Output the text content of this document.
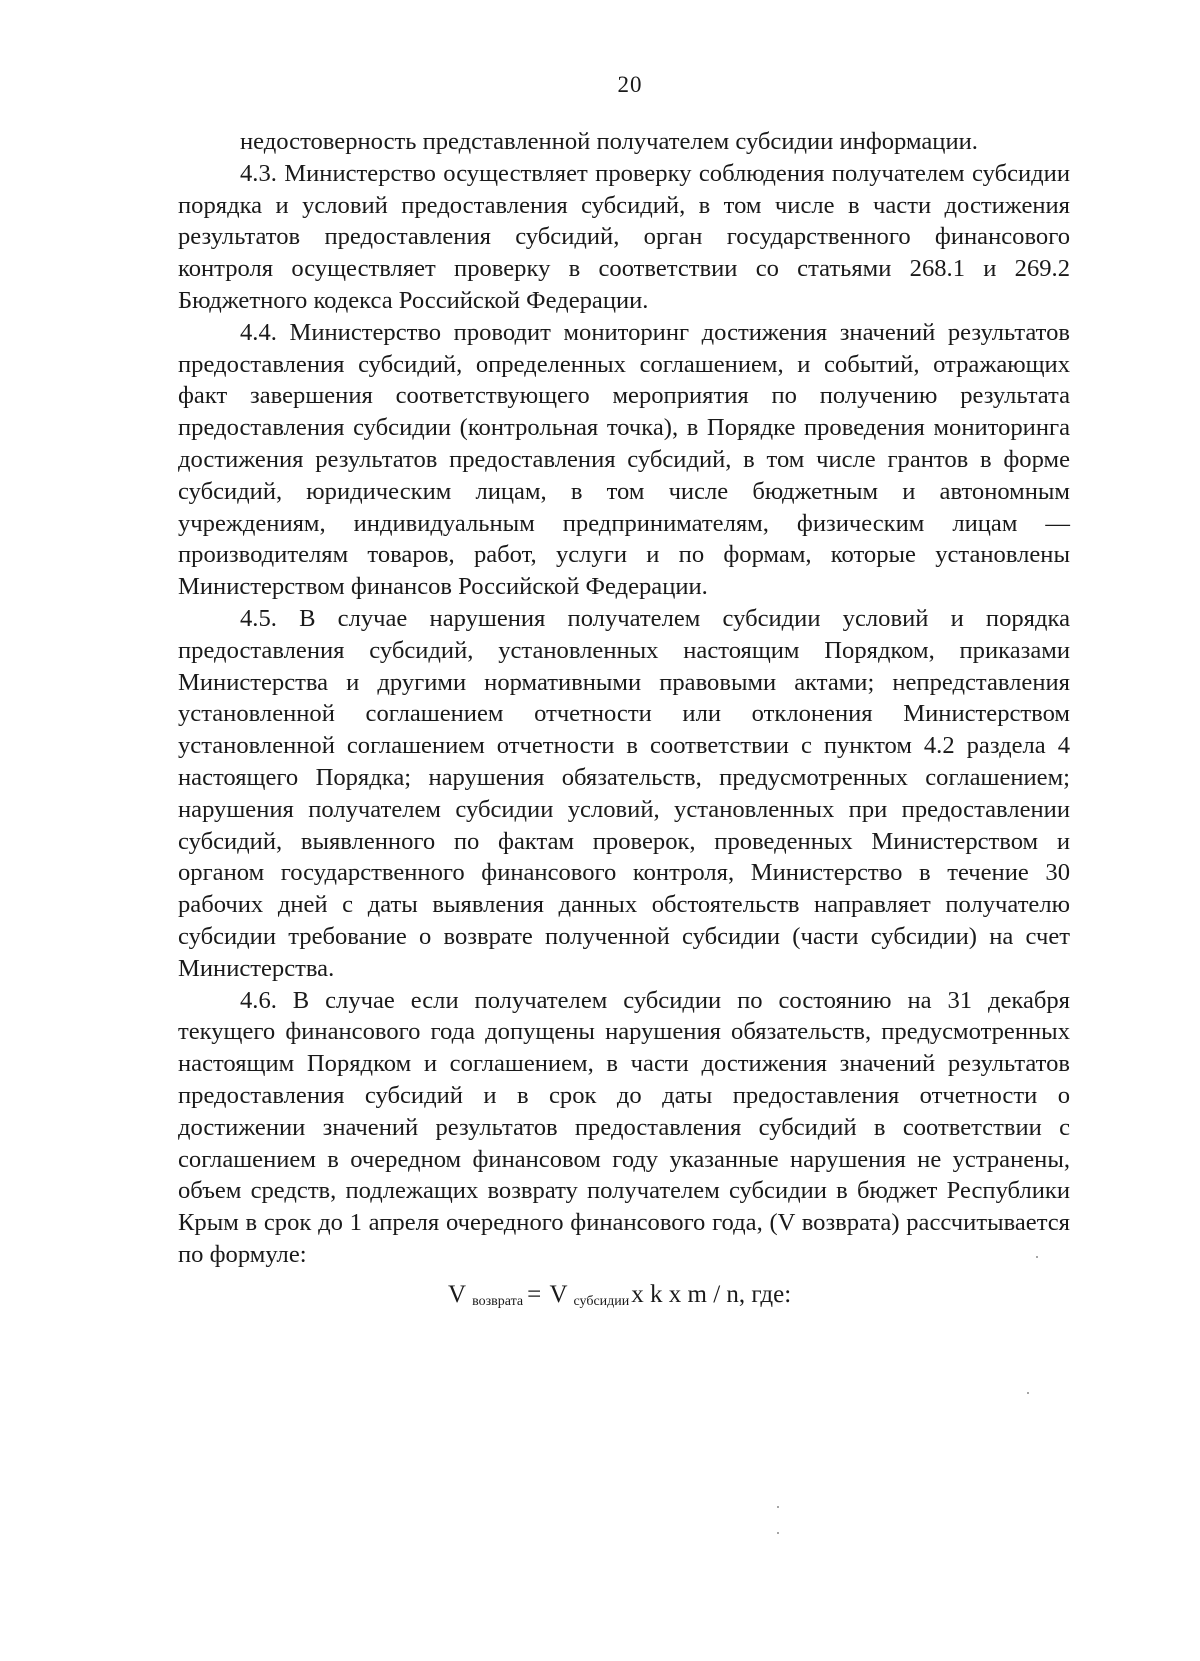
20

недостоверность представленной получателем субсидии информации.

4.3. Министерство осуществляет проверку соблюдения получателем субсидии порядка и условий предоставления субсидий, в том числе в части достижения результатов предоставления субсидий, орган государственного финансового контроля осуществляет проверку в соответствии со статьями 268.1 и 269.2 Бюджетного кодекса Российской Федерации.

4.4. Министерство проводит мониторинг достижения значений результатов предоставления субсидий, определенных соглашением, и событий, отражающих факт завершения соответствующего мероприятия по получению результата предоставления субсидии (контрольная точка), в Порядке проведения мониторинга достижения результатов предоставления субсидий, в том числе грантов в форме субсидий, юридическим лицам, в том числе бюджетным и автономным учреждениям, индивидуальным предпринимателям, физическим лицам — производителям товаров, работ, услуги и по формам, которые установлены Министерством финансов Российской Федерации.

4.5. В случае нарушения получателем субсидии условий и порядка предоставления субсидий, установленных настоящим Порядком, приказами Министерства и другими нормативными правовыми актами; непредставления установленной соглашением отчетности или отклонения Министерством установленной соглашением отчетности в соответствии с пунктом 4.2 раздела 4 настоящего Порядка; нарушения обязательств, предусмотренных соглашением; нарушения получателем субсидии условий, установленных при предоставлении субсидий, выявленного по фактам проверок, проведенных Министерством и органом государственного финансового контроля, Министерство в течение 30 рабочих дней с даты выявления данных обстоятельств направляет получателю субсидии требование о возврате полученной субсидии (части субсидии) на счет Министерства.

4.6. В случае если получателем субсидии по состоянию на 31 декабря текущего финансового года допущены нарушения обязательств, предусмотренных настоящим Порядком и соглашением, в части достижения значений результатов предоставления субсидий и в срок до даты предоставления отчетности о достижении значений результатов предоставления субсидий в соответствии с соглашением в очередном финансовом году указанные нарушения не устранены, объем средств, подлежащих возврату получателем субсидии в бюджет Республики Крым в срок до 1 апреля очередного финансового года, (V возврата) рассчитывается по формуле:

V $_{возврата}$ = V $_{субсидии}$x k x m / n, где:
